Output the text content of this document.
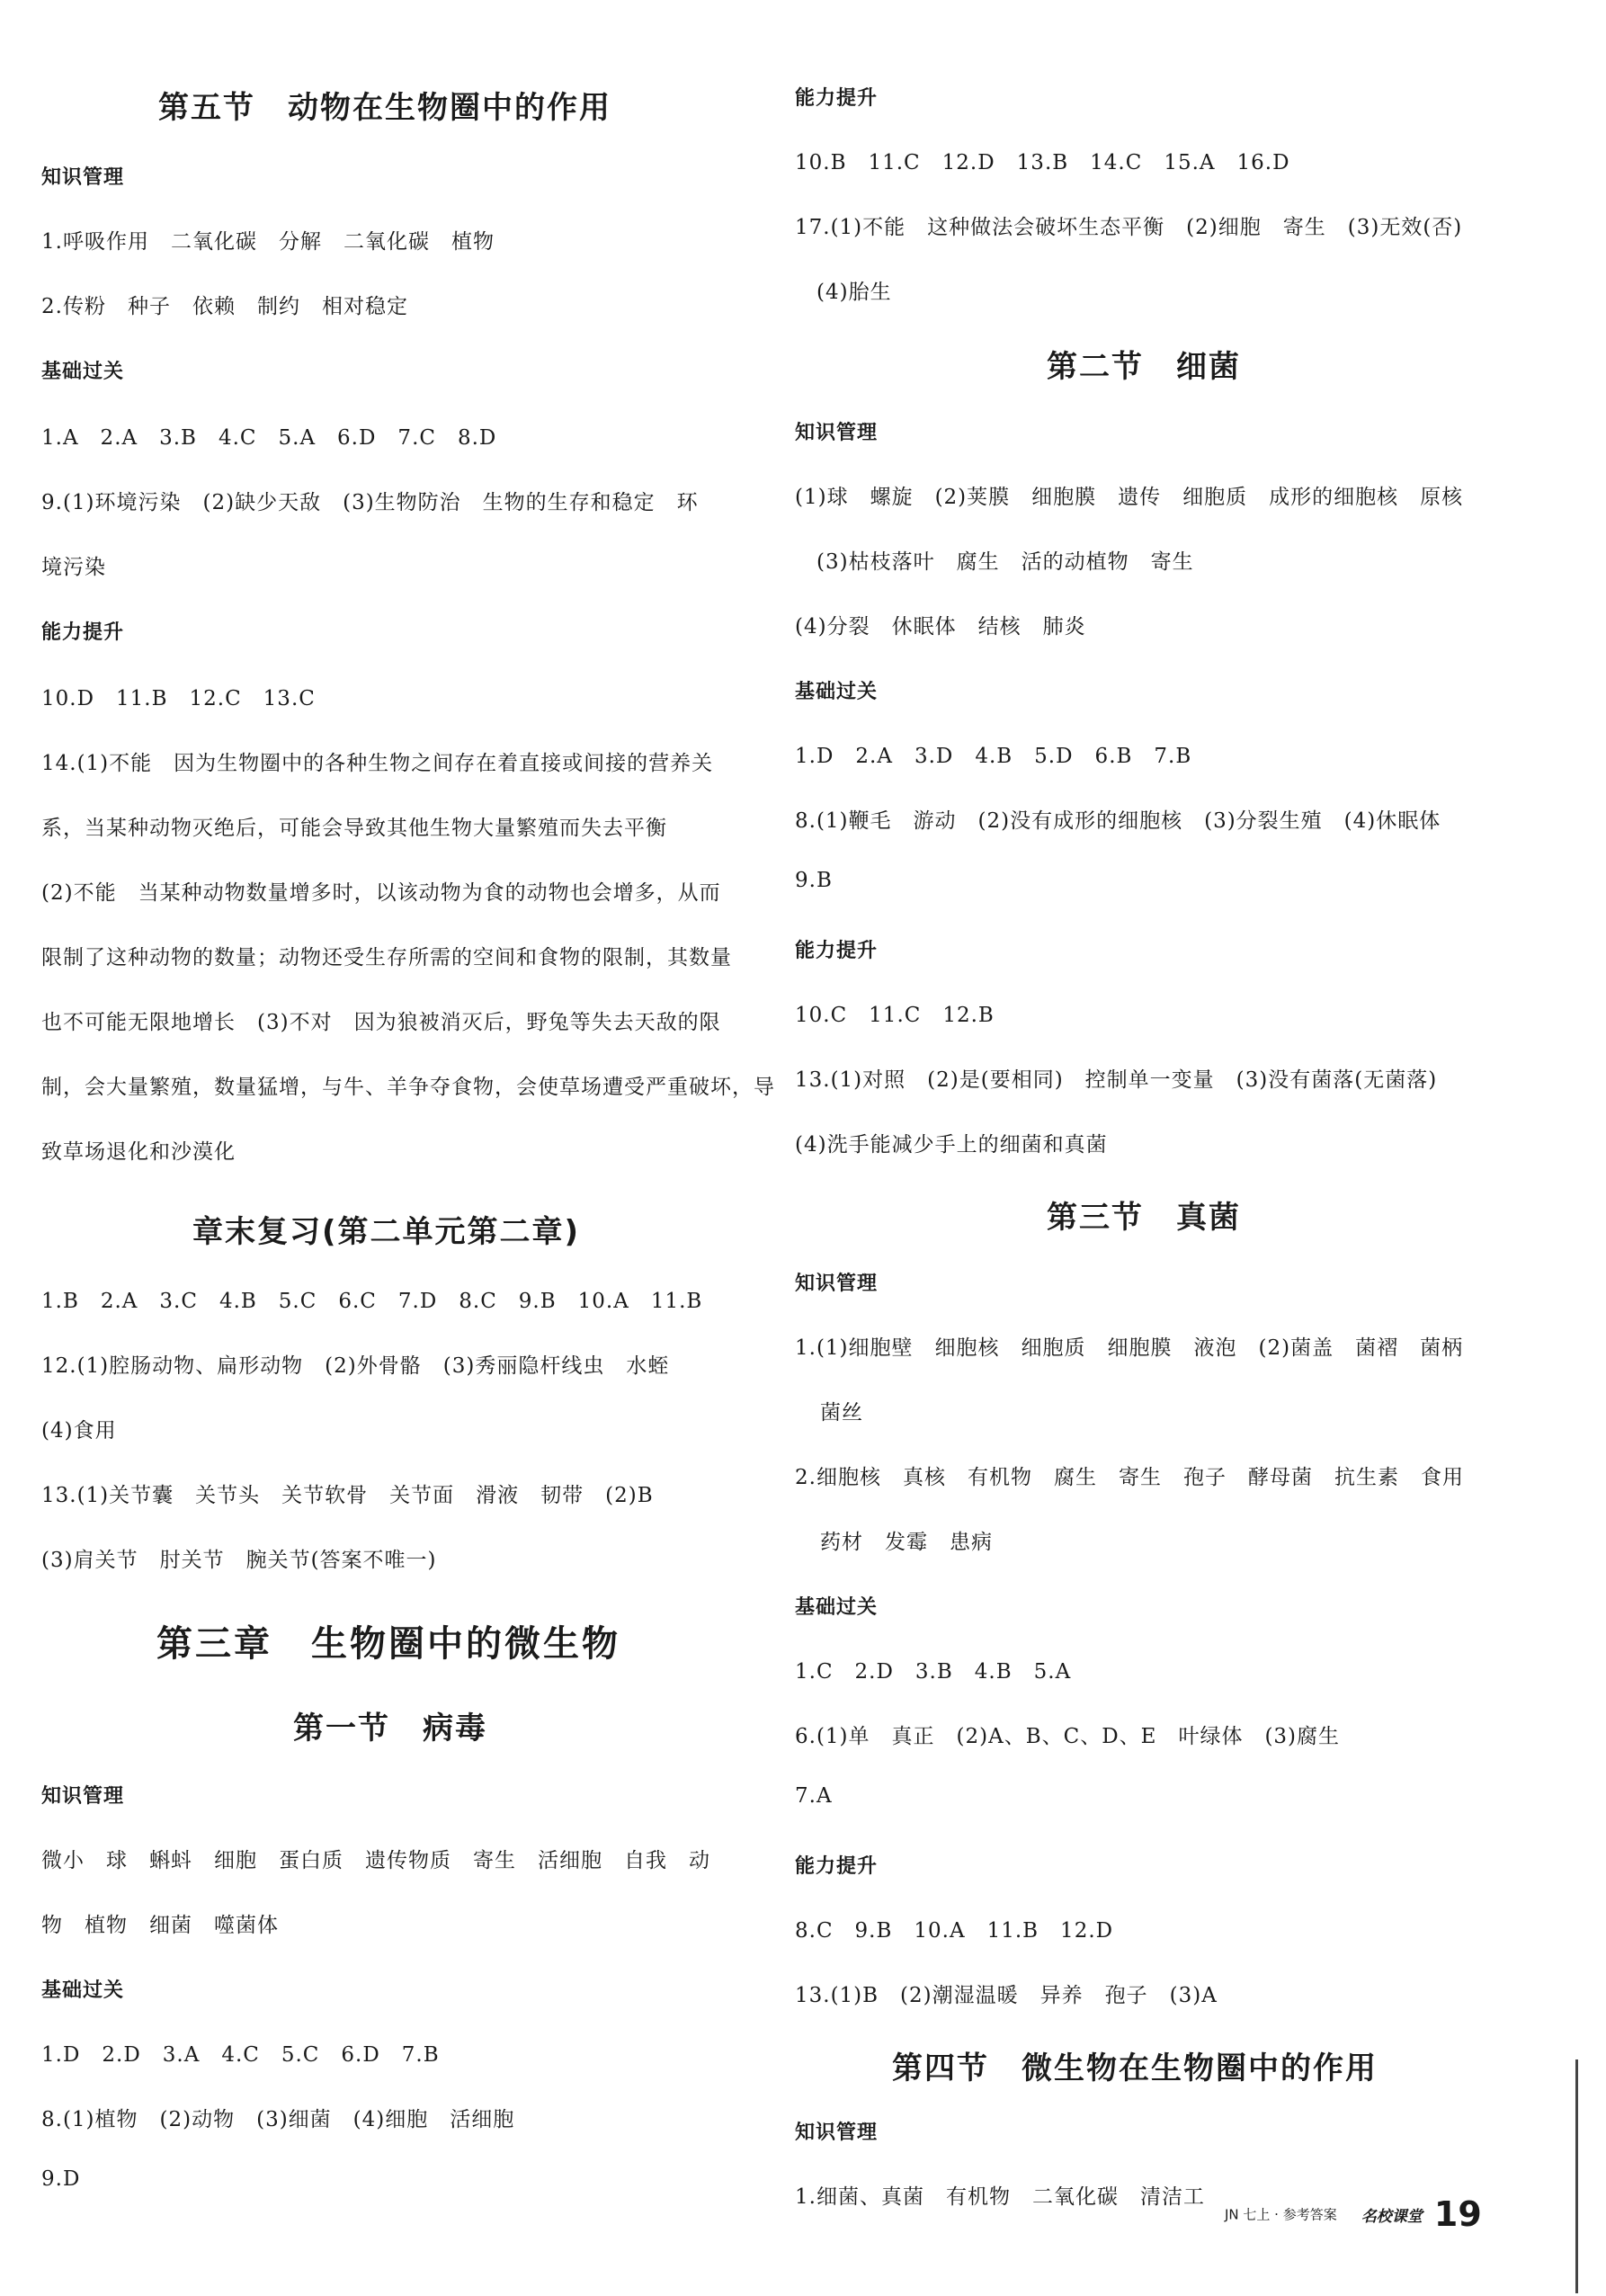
第五节　动物在生物圈中的作用
知识管理
1.呼吸作用　二氧化碳　分解　二氧化碳　植物
2.传粉　种子　依赖　制约　相对稳定
基础过关
1.A　2.A　3.B　4.C　5.A　6.D　7.C　8.D
9.(1)环境污染　(2)缺少天敌　(3)生物防治　生物的生存和稳定　环
境污染
能力提升
10.D　11.B　12.C　13.C
14.(1)不能　因为生物圈中的各种生物之间存在着直接或间接的营养关
系，当某种动物灭绝后，可能会导致其他生物大量繁殖而失去平衡
(2)不能　当某种动物数量增多时，以该动物为食的动物也会增多，从而
限制了这种动物的数量；动物还受生存所需的空间和食物的限制，其数量
也不可能无限地增长　(3)不对　因为狼被消灭后，野兔等失去天敌的限
制，会大量繁殖，数量猛增，与牛、羊争夺食物，会使草场遭受严重破坏，导
致草场退化和沙漠化
章末复习(第二单元第二章)
1.B　2.A　3.C　4.B　5.C　6.C　7.D　8.C　9.B　10.A　11.B
12.(1)腔肠动物、扁形动物　(2)外骨骼　(3)秀丽隐杆线虫　水蛭
(4)食用
13.(1)关节囊　关节头　关节软骨　关节面　滑液　韧带　(2)B
(3)肩关节　肘关节　腕关节(答案不唯一)
第三章　生物圈中的微生物
第一节　病毒
知识管理
微小　球　蝌蚪　细胞　蛋白质　遗传物质　寄生　活细胞　自我　动
物　植物　细菌　噬菌体
基础过关
1.D　2.D　3.A　4.C　5.C　6.D　7.B
8.(1)植物　(2)动物　(3)细菌　(4)细胞　活细胞
9.D
能力提升
10.B　11.C　12.D　13.B　14.C　15.A　16.D
17.(1)不能　这种做法会破坏生态平衡　(2)细胞　寄生　(3)无效(否)
(4)胎生
第二节　细菌
知识管理
(1)球　螺旋　(2)荚膜　细胞膜　遗传　细胞质　成形的细胞核　原核
(3)枯枝落叶　腐生　活的动植物　寄生
(4)分裂　休眠体　结核　肺炎
基础过关
1.D　2.A　3.D　4.B　5.D　6.B　7.B
8.(1)鞭毛　游动　(2)没有成形的细胞核　(3)分裂生殖　(4)休眠体
9.B
能力提升
10.C　11.C　12.B
13.(1)对照　(2)是(要相同)　控制单一变量　(3)没有菌落(无菌落)
(4)洗手能减少手上的细菌和真菌
第三节　真菌
知识管理
1.(1)细胞壁　细胞核　细胞质　细胞膜　液泡　(2)菌盖　菌褶　菌柄
菌丝
2.细胞核　真核　有机物　腐生　寄生　孢子　酵母菌　抗生素　食用
药材　发霉　患病
基础过关
1.C　2.D　3.B　4.B　5.A
6.(1)单　真正　(2)A、B、C、D、E　叶绿体　(3)腐生
7.A
能力提升
8.C　9.B　10.A　11.B　12.D
13.(1)B　(2)潮湿温暖　异养　孢子　(3)A
第四节　微生物在生物圈中的作用
知识管理
1.细菌、真菌　有机物　二氧化碳　清洁工
JN 七上 · 参考答案 名校课堂 19
